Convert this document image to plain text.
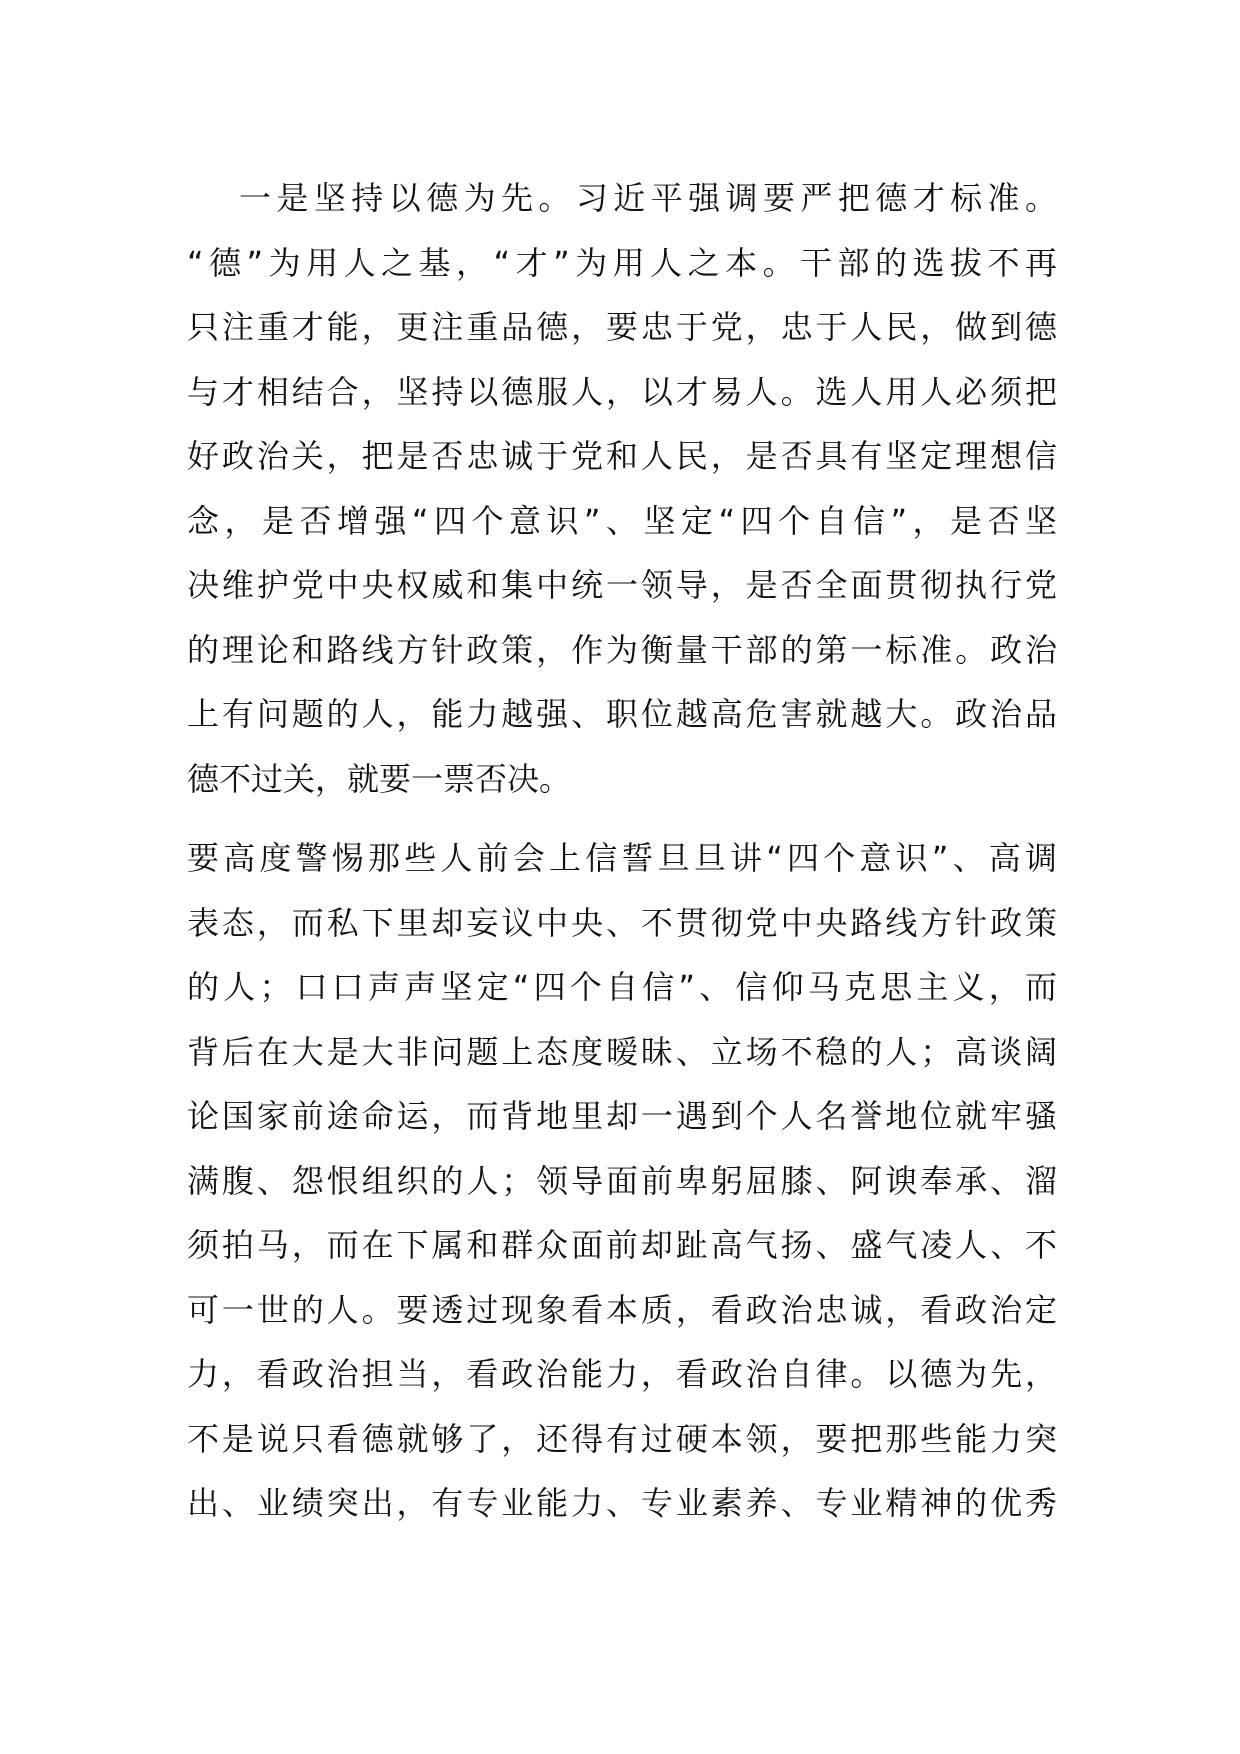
一是坚持以德为先。习近平强调要严把德才标准。
“德”为用人之基，“才”为用人之本。干部的选拔不再
只注重才能，更注重品德，要忠于党，忠于人民，做到德
与才相结合，坚持以德服人，以才易人。选人用人必须把
好政治关，把是否忠诚于党和人民，是否具有坚定理想信
念，是否增强“四个意识”、坚定“四个自信”，是否坚
决维护党中央权威和集中统一领导，是否全面贯彻执行党
的理论和路线方针政策，作为衡量干部的第一标准。政治
上有问题的人，能力越强、职位越高危害就越大。政治品
德不过关，就要一票否决。
要高度警惕那些人前会上信誓旦旦讲“四个意识”、高调
表态，而私下里却妄议中央、不贯彻党中央路线方针政策
的人；口口声声坚定“四个自信”、信仰马克思主义，而
背后在大是大非问题上态度暧昧、立场不稳的人；高谈阔
论国家前途命运，而背地里却一遇到个人名誉地位就牢骚
满腹、怨恨组织的人；领导面前卑躬屈膝、阿谀奉承、溜
须拍马，而在下属和群众面前却趾高气扬、盛气凌人、不
可一世的人。要透过现象看本质，看政治忠诚，看政治定
力，看政治担当，看政治能力，看政治自律。以德为先，
不是说只看德就够了，还得有过硬本领，要把那些能力突
出、业绩突出，有专业能力、专业素养、专业精神的优秀
